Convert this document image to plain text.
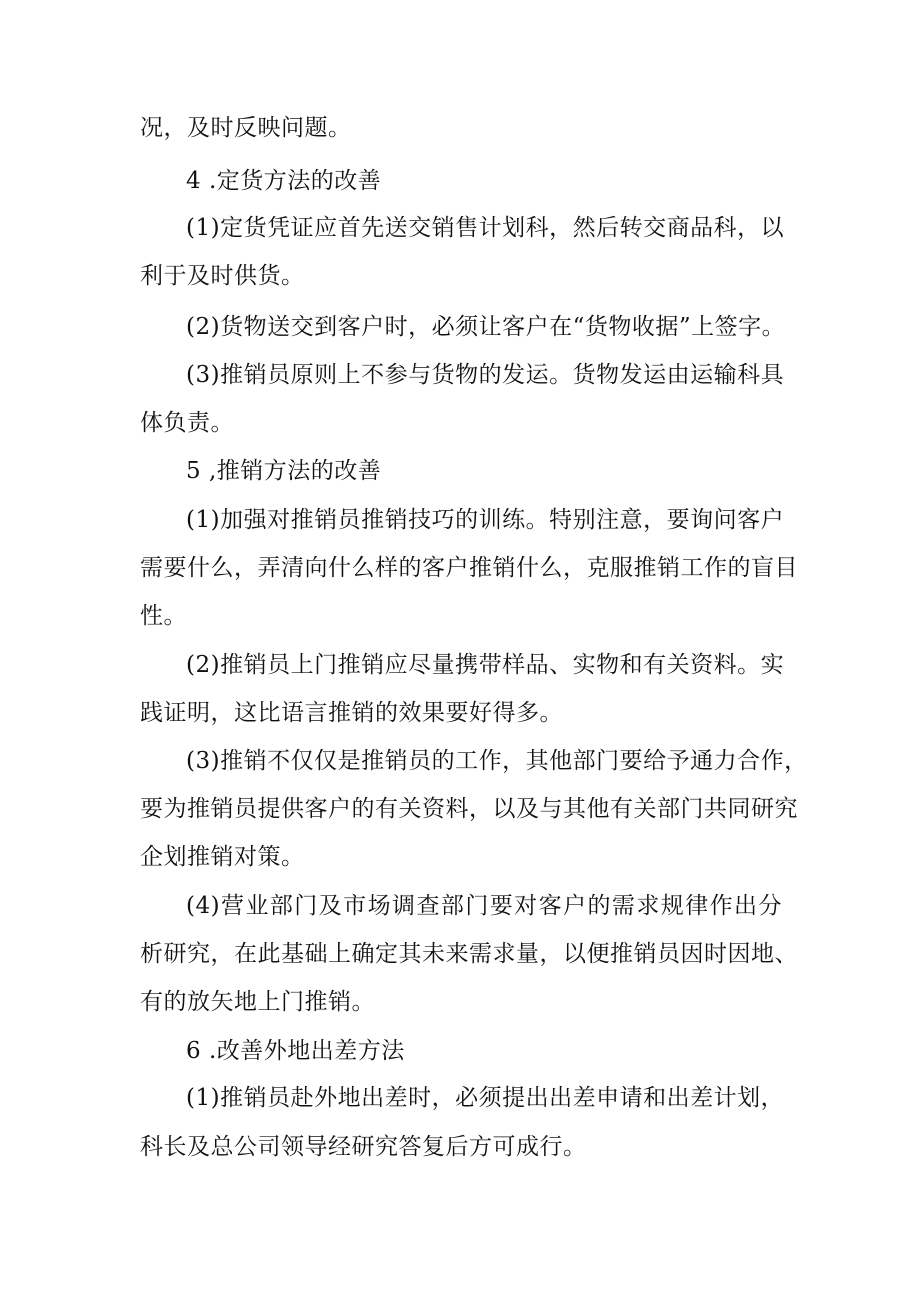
况，及时反映问题。
4 .定货方法的改善
(1)定货凭证应首先送交销售计划科，然后转交商品科，以
利于及时供货。
(2)货物送交到客户时，必须让客户在“货物收据”上签字。
(3)推销员原则上不参与货物的发运。货物发运由运输科具
体负责。
5 ,推销方法的改善
(1)加强对推销员推销技巧的训练。特别注意，要询问客户
需要什么，弄清向什么样的客户推销什么，克服推销工作的盲目
性。
(2)推销员上门推销应尽量携带样品、实物和有关资料。实
践证明，这比语言推销的效果要好得多。
(3)推销不仅仅是推销员的工作，其他部门要给予通力合作，
要为推销员提供客户的有关资料，以及与其他有关部门共同研究
企划推销对策。
(4)营业部门及市场调查部门要对客户的需求规律作出分
析研究，在此基础上确定其未来需求量，以便推销员因时因地、
有的放矢地上门推销。
6 .改善外地出差方法
(1)推销员赴外地出差时，必须提出出差申请和出差计划，
科长及总公司领导经研究答复后方可成行。
